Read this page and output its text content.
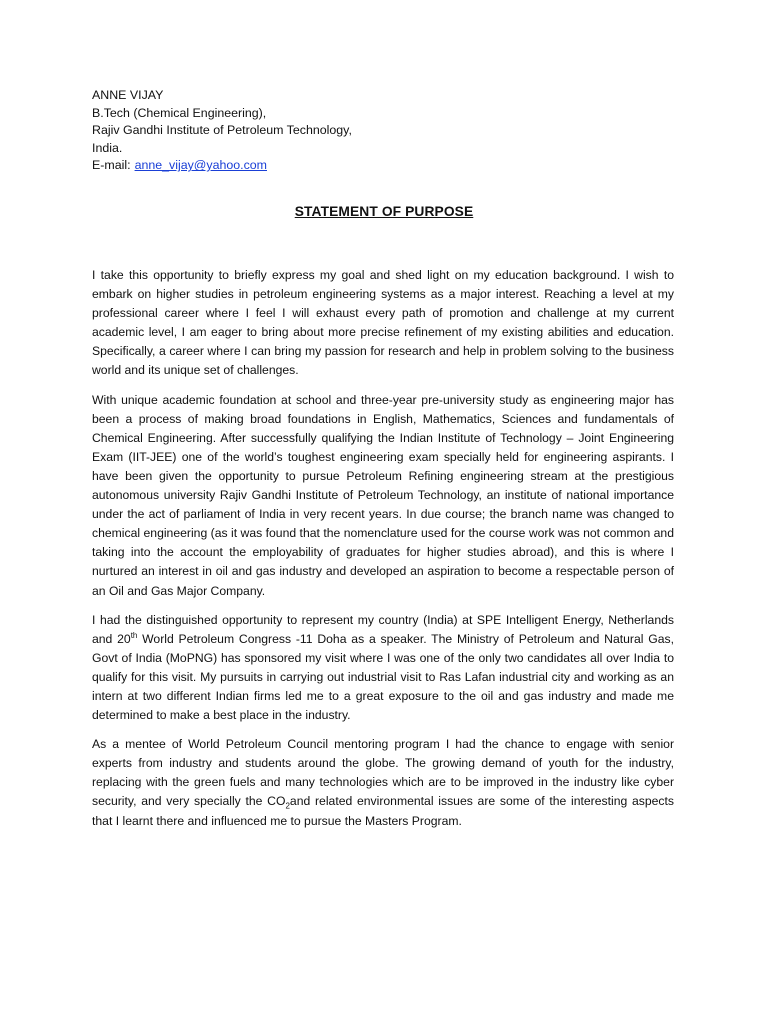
ANNE VIJAY
B.Tech (Chemical Engineering),
Rajiv Gandhi Institute of Petroleum Technology,
India.
E-mail: anne_vijay@yahoo.com
STATEMENT OF PURPOSE

I take this opportunity to briefly express my goal and shed light on my education background. I wish to embark on higher studies in petroleum engineering systems as a major interest. Reaching a level at my professional career where I feel I will exhaust every path of promotion and challenge at my current academic level, I am eager to bring about more precise refinement of my existing abilities and education. Specifically, a career where I can bring my passion for research and help in problem solving to the business world and its unique set of challenges.

With unique academic foundation at school and three-year pre-university study as engineering major has been a process of making broad foundations in English, Mathematics, Sciences and fundamentals of Chemical Engineering. After successfully qualifying the Indian Institute of Technology – Joint Engineering Exam (IIT-JEE) one of the world’s toughest engineering exam specially held for engineering aspirants. I have been given the opportunity to pursue Petroleum Refining engineering stream at the prestigious autonomous university Rajiv Gandhi Institute of Petroleum Technology, an institute of national importance under the act of parliament of India in very recent years. In due course; the branch name was changed to chemical engineering (as it was found that the nomenclature used for the course work was not common and taking into the account the employability of graduates for higher studies abroad), and this is where I nurtured an interest in oil and gas industry and developed an aspiration to become a respectable person of an Oil and Gas Major Company.

I had the distinguished opportunity to represent my country (India) at SPE Intelligent Energy, Netherlands and 20th World Petroleum Congress -11 Doha as a speaker. The Ministry of Petroleum and Natural Gas, Govt of India (MoPNG) has sponsored my visit where I was one of the only two candidates all over India to qualify for this visit. My pursuits in carrying out industrial visit to Ras Lafan industrial city and working as an intern at two different Indian firms led me to a great exposure to the oil and gas industry and made me determined to make a best place in the industry.

As a mentee of World Petroleum Council mentoring program I had the chance to engage with senior experts from industry and students around the globe. The growing demand of youth for the industry, replacing with the green fuels and many technologies which are to be improved in the industry like cyber security, and very specially the $CO_2and$ related environmental issues are some of the interesting aspects that I learnt there and influenced me to pursue the Masters Program.
